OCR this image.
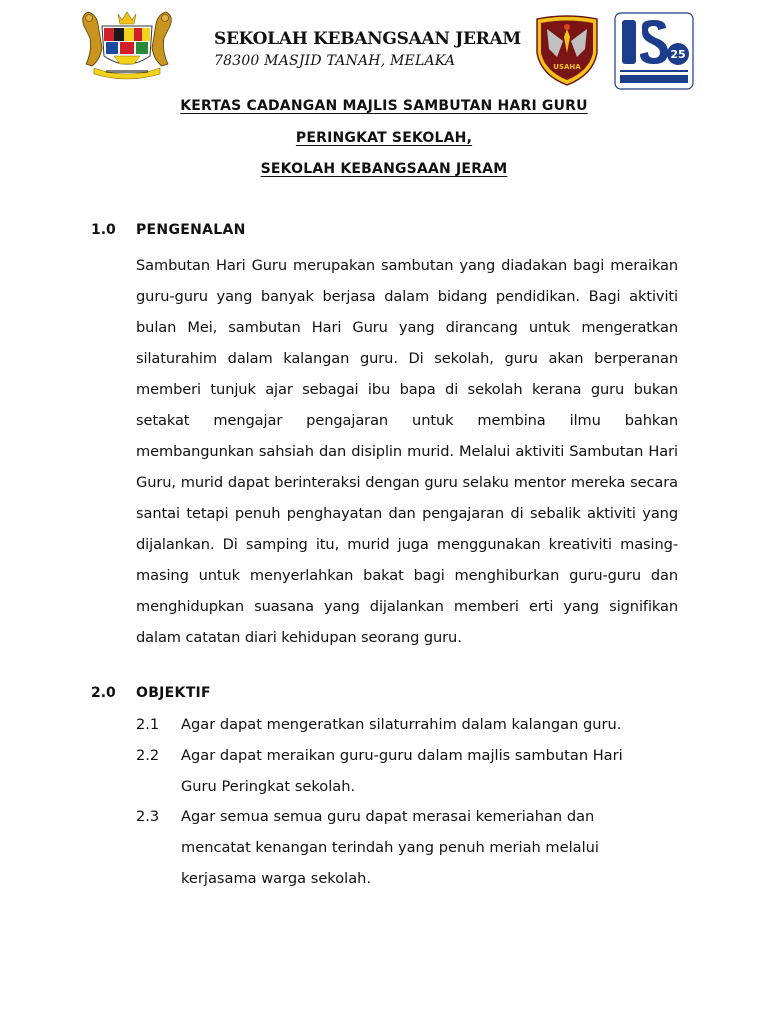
SEKOLAH KEBANGSAAN JERAM
78300 MASJID TANAH, MELAKA	USAHA
25
KERTAS CADANGAN MAJLIS SAMBUTAN HARI GURU
PERINGKAT SEKOLAH,
SEKOLAH KEBANGSAAN JERAM
1.0 PENGENALAN
Sambutan Hari Guru merupakan sambutan yang diadakan bagi meraikan guru-guru yang banyak berjasa dalam bidang pendidikan. Bagi aktiviti bulan Mei, sambutan Hari Guru yang dirancang untuk mengeratkan silaturahim dalam kalangan guru. Di sekolah, guru akan berperanan memberi tunjuk ajar sebagai ibu bapa di sekolah kerana guru bukan setakat mengajar pengajaran untuk membina ilmu bahkan membangunkan sahsiah dan disiplin murid. Melalui aktiviti Sambutan Hari Guru, murid dapat berinteraksi dengan guru selaku mentor mereka secara santai tetapi penuh penghayatan dan pengajaran di sebalik aktiviti yang dijalankan. Di samping itu, murid juga menggunakan kreativiti masing-masing untuk menyerlahkan bakat bagi menghiburkan guru-guru dan menghidupkan suasana yang dijalankan memberi erti yang signifikan dalam catatan diari kehidupan seorang guru.
2.0 OBJEKTIF
2.1 Agar dapat mengeratkan silaturrahim dalam kalangan guru.
2.2 Agar dapat meraikan guru-guru dalam majlis sambutan Hari Guru Peringkat sekolah.
2.3 Agar semua semua guru dapat merasai kemeriahan dan mencatat kenangan terindah yang penuh meriah melalui kerjasama warga sekolah.
